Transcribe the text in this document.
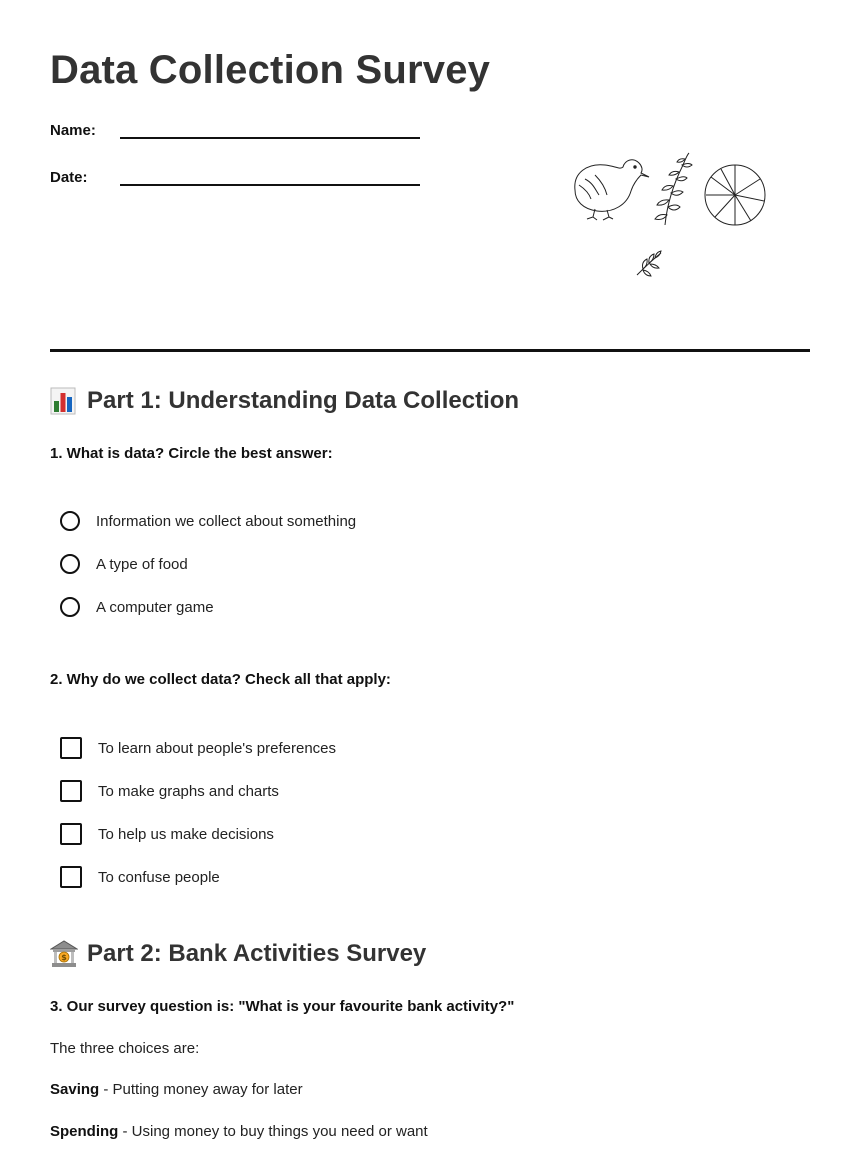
Data Collection Survey
Name:
Date:
Part 1: Understanding Data Collection

1. What is data? Circle the best answer:

Information we collect about something
A type of food
A computer game

2. Why do we collect data? Check all that apply:

To learn about people's preferences
To make graphs and charts
To help us make decisions
To confuse people
$ Part 2: Bank Activities Survey

3. Our survey question is: "What is your favourite bank activity?"

The three choices are:

Saving - Putting money away for later

Spending - Using money to buy things you need or want
